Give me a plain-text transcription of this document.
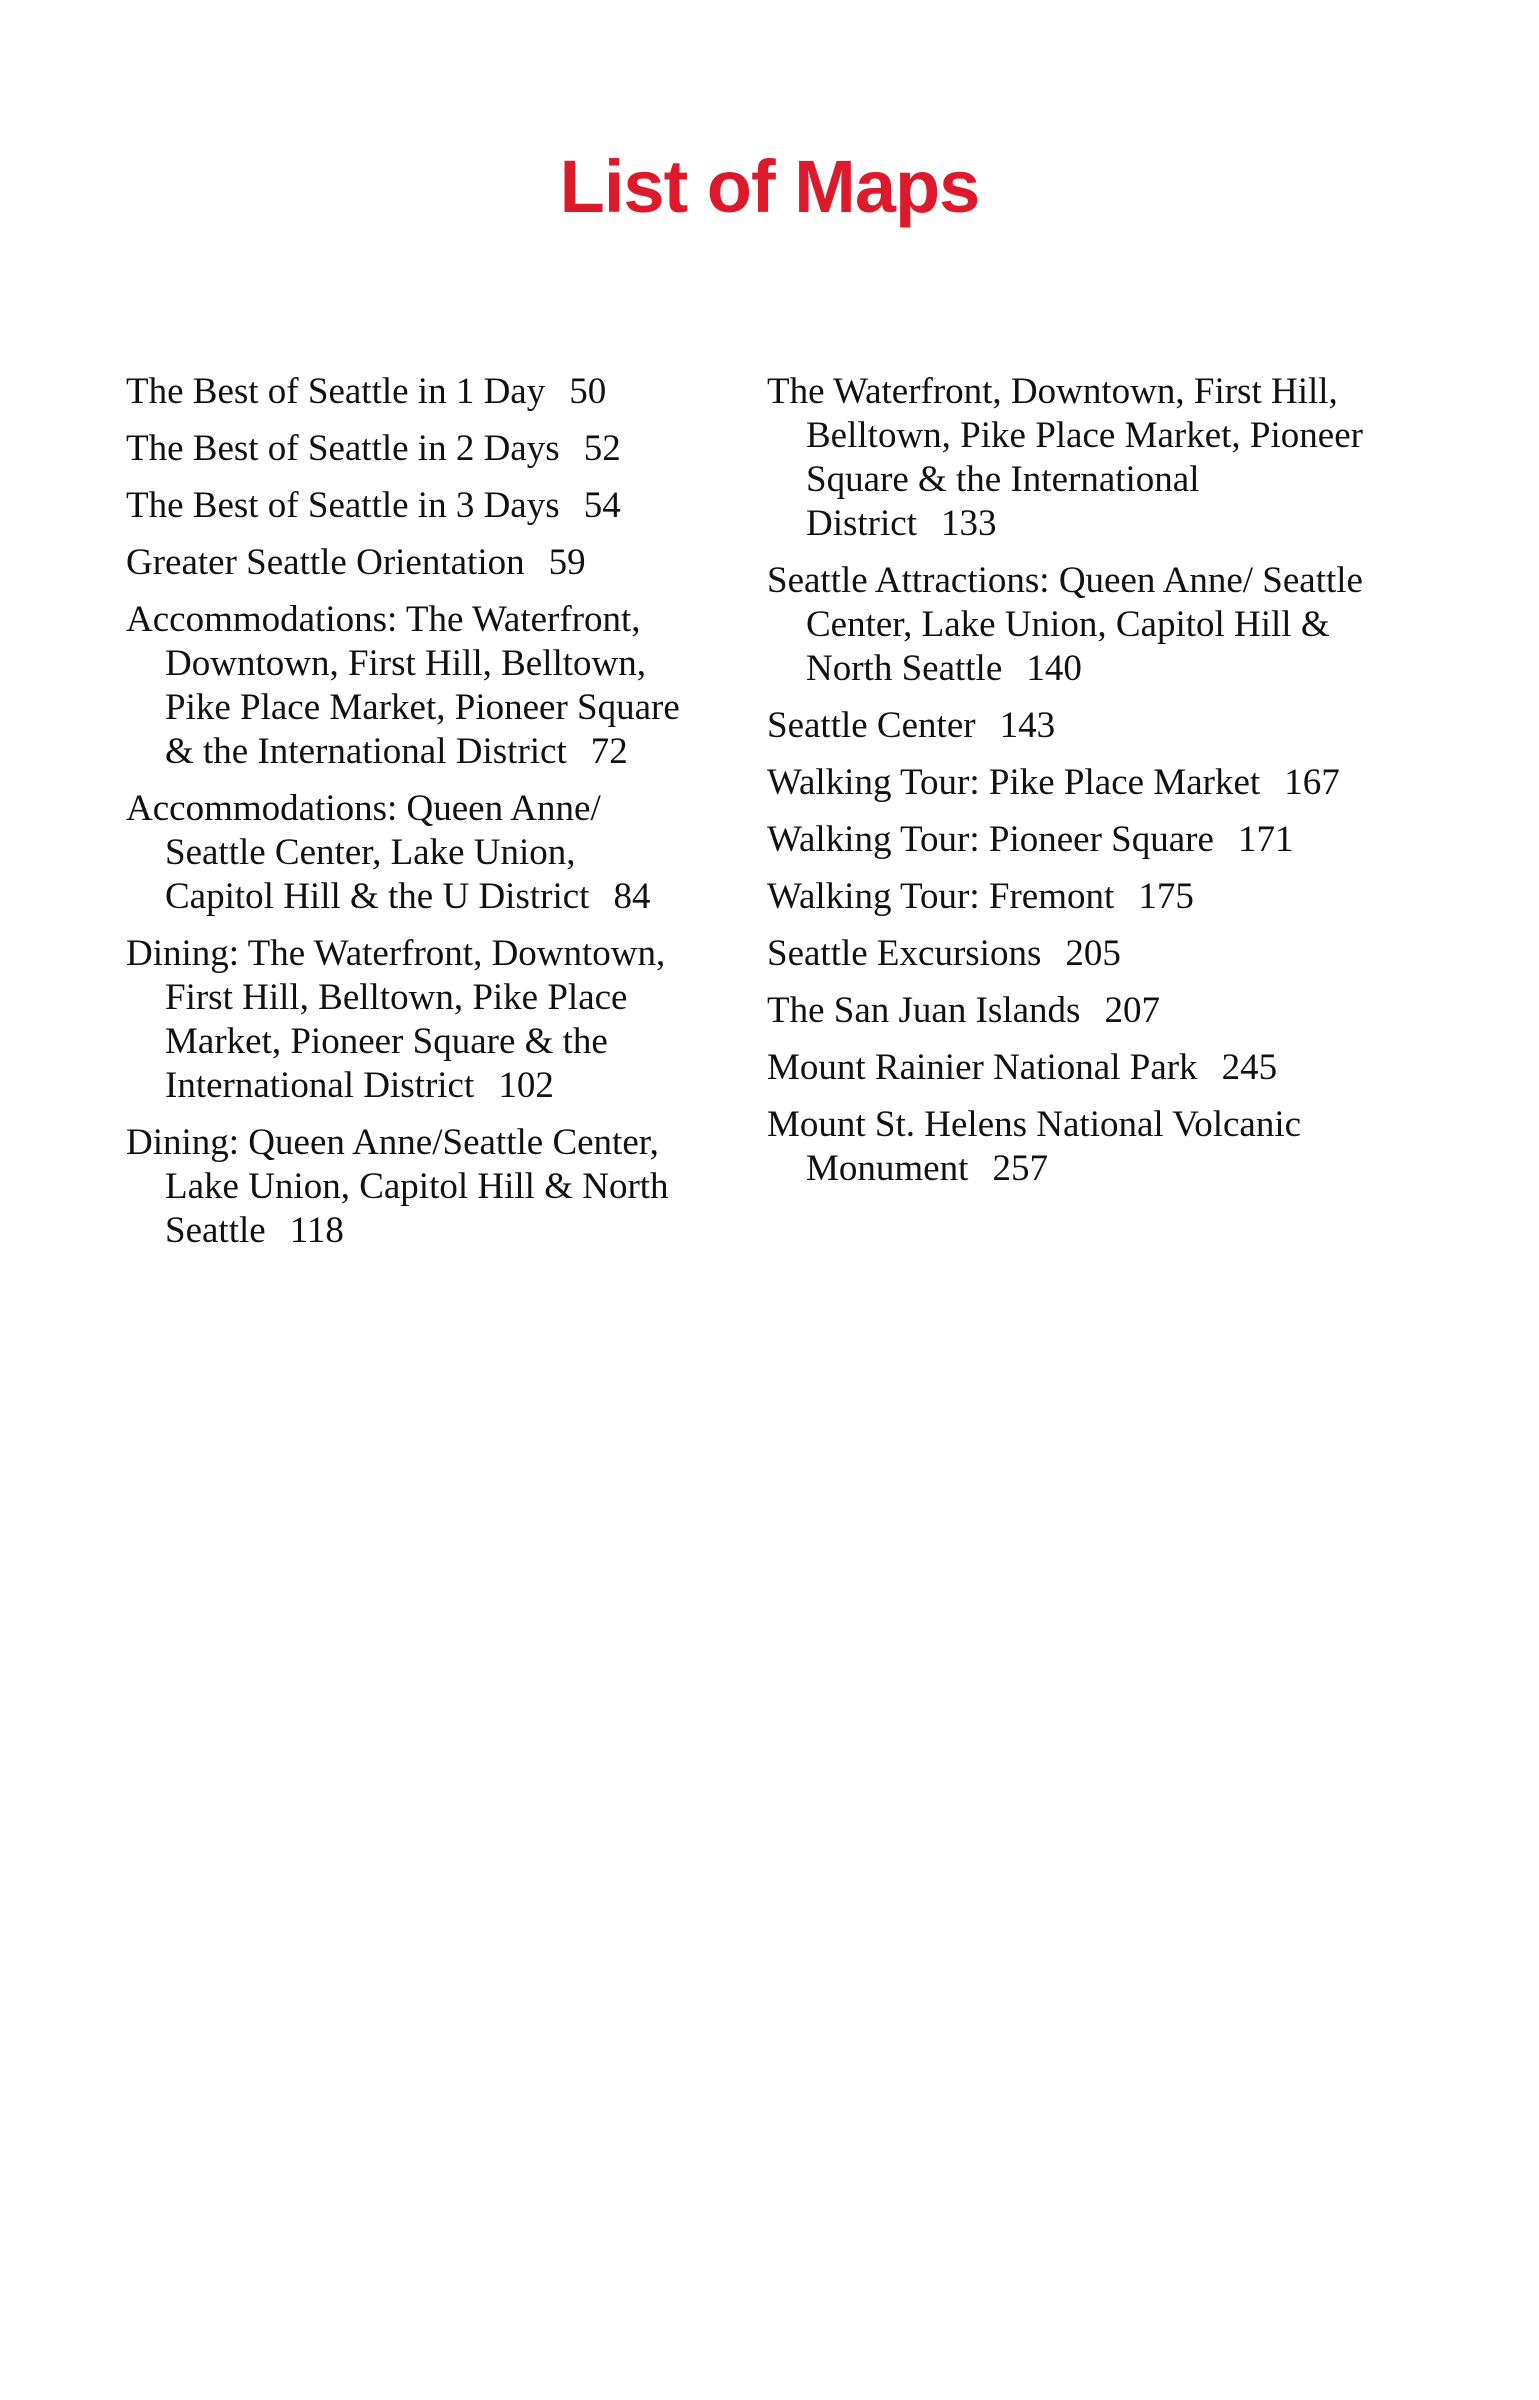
List of Maps
The Best of Seattle in 1 Day 50
The Best of Seattle in 2 Days 52
The Best of Seattle in 3 Days 54
Greater Seattle Orientation 59
Accommodations: The Waterfront, Downtown, First Hill, Belltown, Pike Place Market, Pioneer Square & the International District 72
Accommodations: Queen Anne/ Seattle Center, Lake Union, Capitol Hill & the U District 84
Dining: The Waterfront, Downtown, First Hill, Belltown, Pike Place Market, Pioneer Square & the International District 102
Dining: Queen Anne/Seattle Center, Lake Union, Capitol Hill & North Seattle 118
The Waterfront, Downtown, First Hill, Belltown, Pike Place Market, Pioneer Square & the International District 133
Seattle Attractions: Queen Anne/ Seattle Center, Lake Union, Capitol Hill & North Seattle 140
Seattle Center 143
Walking Tour: Pike Place Market 167
Walking Tour: Pioneer Square 171
Walking Tour: Fremont 175
Seattle Excursions 205
The San Juan Islands 207
Mount Rainier National Park 245
Mount St. Helens National Volcanic Monument 257
